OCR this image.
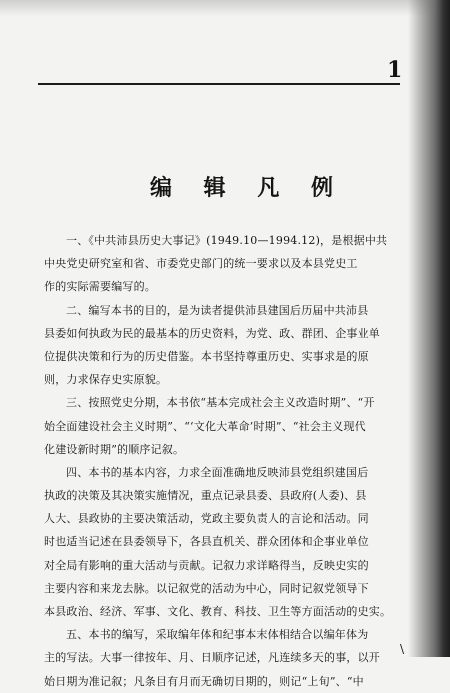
1
编 辑 凡 例
一、《中共沛县历史大事记》(1949.10—1994.12)，是根据中共
中央党史研究室和省、市委党史部门的统一要求以及本县党史工
作的实际需要编写的。
二、编写本书的目的，是为读者提供沛县建国后历届中共沛县
县委如何执政为民的最基本的历史资料，为党、政、群团、企事业单
位提供决策和行为的历史借鉴。本书坚持尊重历史、实事求是的原
则，力求保存史实原貌。
三、按照党史分期，本书依“基本完成社会主义改造时期”、“开
始全面建设社会主义时期”、“‘文化大革命’时期”、“社会主义现代
化建设新时期”的顺序记叙。
四、本书的基本内容，力求全面准确地反映沛县党组织建国后
执政的决策及其决策实施情况，重点记录县委、县政府(人委)、县
人大、县政协的主要决策活动，党政主要负责人的言论和活动。同
时也适当记述在县委领导下，各县直机关、群众团体和企事业单位
对全局有影响的重大活动与贡献。记叙力求详略得当，反映史实的
主要内容和来龙去脉。以记叙党的活动为中心，同时记叙党领导下
本县政治、经济、军事、文化、教育、科技、卫生等方面活动的史实。
五、本书的编写，采取编年体和纪事本末体相结合以编年体为
主的写法。大事一律按年、月、日顺序记述，凡连续多天的事，以开
始日期为准记叙；凡条目有月而无确切日期的，则记“上旬”、“中
\
